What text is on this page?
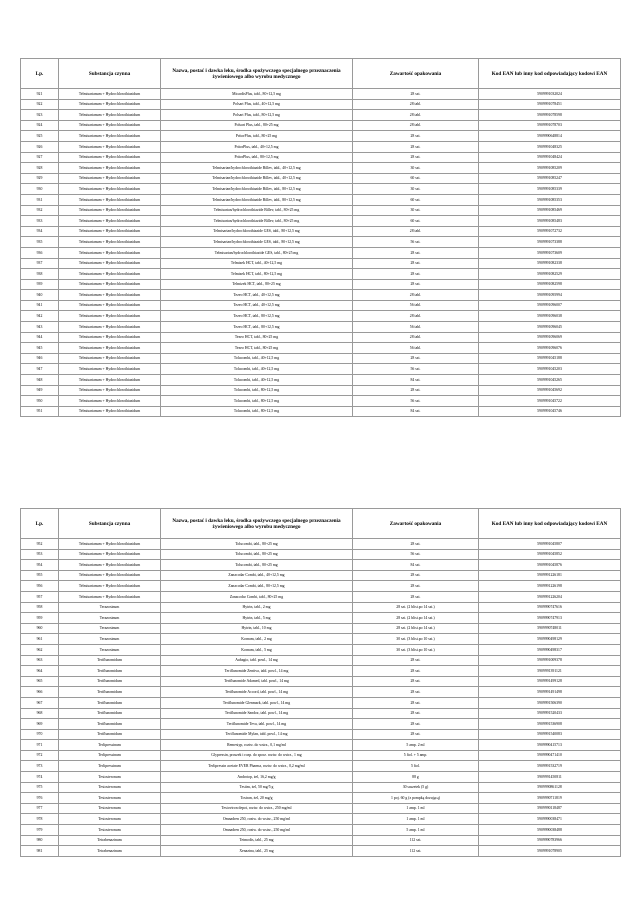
Lp.	Substancja czynna	Nazwa, postać i dawka leku, środka spożywczego specjalnego przeznaczenia żywieniowego albo wyrobu medycznego	Zawartość opakowania	Kod EAN lub inny kod odpowiadający kodowi EAN
921	Telmisartanum + Hydrochlorothiazidum	MicardisPlus, tabl., 80+12,5 mg	28 szt.	5909991032024
922	Telmisartanum + Hydrochlorothiazidum	Polsart Plus, tabl., 40+12,5 mg	28 tabl.	5909991078451
923	Telmisartanum + Hydrochlorothiazidum	Polsart Plus, tabl., 80+12,5 mg	28 tabl.	5909991078598
924	Telmisartanum + Hydrochlorothiazidum	Polsart Plus, tabl., 80+25 mg	28 tabl.	5909991078703
925	Telmisartanum + Hydrochlorothiazidum	PritorPlus, tabl., 80+25 mg	28 szt.	5909990648814
926	Telmisartanum + Hydrochlorothiazidum	PritorPlus, tabl., 40+12,5 mg	28 szt.	5909991048325
927	Telmisartanum + Hydrochlorothiazidum	PritorPlus, tabl., 80+12,5 mg	28 szt.	5909991048424
928	Telmisartanum + Hydrochlorothiazidum	Telmisartan/hydrochlorothiazide Billev, tabl., 40+12,5 mg	30 szt.	5909991085209
929	Telmisartanum + Hydrochlorothiazidum	Telmisartan/hydrochlorothiazide Billev, tabl., 40+12,5 mg	60 szt.	5909991085247
930	Telmisartanum + Hydrochlorothiazidum	Telmisartan/hydrochlorothiazide Billev, tabl., 80+12,5 mg	30 szt.	5909991085339
931	Telmisartanum + Hydrochlorothiazidum	Telmisartan/hydrochlorothiazide Billev, tabl., 80+12,5 mg	60 szt.	5909991085353
932	Telmisartanum + Hydrochlorothiazidum	Telmisartan/hydrochlorothiazide Billev, tabl., 80+25 mg	30 szt.	5909991085469
933	Telmisartanum + Hydrochlorothiazidum	Telmisartan/hydrochlorothiazide Billev, tabl., 80+25 mg	60 szt.	5909991085483
934	Telmisartanum + Hydrochlorothiazidum	Telmisartan/hydrochlorothiazide GES, tabl., 80+12,5 mg	28 tabl.	5909991072732
935	Telmisartanum + Hydrochlorothiazidum	Telmisartan/hydrochlorothiazide GES, tabl., 80+12,5 mg	56 szt.	5909991073388
936	Telmisartanum + Hydrochlorothiazidum	Telmisartan/hydrochlorothiazide GES, tabl., 80+25 mg	28 szt.	5909991073609
937	Telmisartanum + Hydrochlorothiazidum	Telmizek HCT, tabl., 40+12,5 mg	28 szt.	5909991082338
938	Telmisartanum + Hydrochlorothiazidum	Telmizek HCT, tabl., 80+12,5 mg	28 szt.	5909991082529
939	Telmisartanum + Hydrochlorothiazidum	Telmizek HCT, tabl., 80+25 mg	28 szt.	5909991082598
940	Telmisartanum + Hydrochlorothiazidum	Tezeo HCT, tabl., 40+12,5 mg	28 tabl.	5909991095994
941	Telmisartanum + Hydrochlorothiazidum	Tezeo HCT, tabl., 40+12,5 mg	56 tabl.	5909991096007
942	Telmisartanum + Hydrochlorothiazidum	Tezeo HCT, tabl., 80+12,5 mg	28 tabl.	5909991096038
943	Telmisartanum + Hydrochlorothiazidum	Tezeo HCT, tabl., 80+12,5 mg	56 tabl.	5909991096045
944	Telmisartanum + Hydrochlorothiazidum	Tezeo HCT, tabl., 80+25 mg	28 tabl.	5909991096069
945	Telmisartanum + Hydrochlorothiazidum	Tezeo HCT, tabl., 80+25 mg	56 tabl.	5909991096076
946	Telmisartanum + Hydrochlorothiazidum	Tolucombi, tabl., 40+12,5 mg	28 szt.	5909991045188
947	Telmisartanum + Hydrochlorothiazidum	Tolucombi, tabl., 40+12,5 mg	56 szt.	5909991045203
948	Telmisartanum + Hydrochlorothiazidum	Tolucombi, tabl., 40+12,5 mg	84 szt.	5909991045265
949	Telmisartanum + Hydrochlorothiazidum	Tolucombi, tabl., 80+12,5 mg	28 szt.	5909991045692
950	Telmisartanum + Hydrochlorothiazidum	Tolucombi, tabl., 80+12,5 mg	56 szt.	5909991045722
951	Telmisartanum + Hydrochlorothiazidum	Tolucombi, tabl., 80+12,5 mg	84 szt.	5909991045746
Lp.	Substancja czynna	Nazwa, postać i dawka leku, środka spożywczego specjalnego przeznaczenia żywieniowego albo wyrobu medycznego	Zawartość opakowania	Kod EAN lub inny kod odpowiadający kodowi EAN
952	Telmisartanum + Hydrochlorothiazidum	Tolucombi, tabl., 80+25 mg	28 szt.	5909991045807
953	Telmisartanum + Hydrochlorothiazidum	Tolucombi, tabl., 80+25 mg	56 szt.	5909991045852
954	Telmisartanum + Hydrochlorothiazidum	Tolucombi, tabl., 80+25 mg	84 szt.	5909991045876
955	Telmisartanum + Hydrochlorothiazidum	Zanacodar Combi, tabl., 40+12,5 mg	28 szt.	5909991226181
956	Telmisartanum + Hydrochlorothiazidum	Zanacodar Combi, tabl., 80+12,5 mg	28 szt.	5909991226198
957	Telmisartanum + Hydrochlorothiazidum	Zanacodar Combi, tabl., 80+25 mg	28 szt.	5909991226204
958	Terazosinum	Hytrin, tabl., 2 mg	28 szt. (2 blist.po 14 szt.)	5909990747616
959	Terazosinum	Hytrin, tabl., 5 mg	28 szt. (2 blist.po 14 szt.)	5909990747913
960	Terazosinum	Hytrin, tabl., 10 mg	28 szt. (2 blist.po 14 szt.)	5909990748011
961	Terazosinum	Kornam, tabl., 2 mg	30 szt. (3 blist.po 10 szt.)	5909990498129
962	Terazosinum	Kornam, tabl., 5 mg	30 szt. (3 blist.po 10 szt.)	5909990498317
963	Teriflunomidum	Aubagio, tabl. powl., 14 mg	28 szt.	5909991009378
964	Teriflunomidum	Teriflunomide Zentiva, tabl. powl., 14 mg	28 szt.	5909991391121
965	Teriflunomidum	Teriflunomide Adamed, tabl. powl., 14 mg	28 szt.	5909991499128
966	Teriflunomidum	Teriflunomide Accord, tabl. powl., 14 mg	28 szt.	5909991491498
967	Teriflunomidum	Teriflunomide Glenmark, tabl. powl., 14 mg	28 szt.	5909991506390
968	Teriflunomidum	Teriflunomide Sandoz, tabl. powl., 14 mg	28 szt.	5909991520433
969	Teriflunomidum	Teriflunomide Teva, tabl. powl., 14 mg	28 szt.	5909991536908
970	Teriflunomidum	Teriflunomide Mylan, tabl. powl., 14 mg	28 szt.	5909991540083
971	Terlipressinum	Remestyp, roztw. do wstrz., 0,1 mg/ml	5 amp. 2 ml	5909990415713
972	Terlipressinum	Glypressin, proszek i rozp. do sporz. roztw. do wstrz., 1 mg	5 fiol. + 5 amp.	5909990471410
973	Terlipressinum	Terlipressin acetate EVER Pharma, roztw. do wstrz., 0,2 mg/ml	5 fiol.	5909991532719
974	Testosteronum	Androtop, żel, 16,2 mg/g	88 g	5909991450811
975	Testosteronum	Testim, żel, 50 mg/5 g	30 saszetek (5 g)	5909990861128
976	Testosteronum	Tostran, żel, 20 mg/g	1 poj. 60 g (z pompką dozującą)	5909990711819
977	Testosteronum	Testoviron depot, roztw. do wstrz., 250 mg/ml	1 amp. 1 ml	5909990118487
978	Testosteronum	Omnadren 250, roztw. do wstrz., 250 mg/ml	1 amp. 1 ml	5909990038471
979	Testosteronum	Omnadren 250, roztw. do wstrz., 250 mg/ml	5 amp. 1 ml	5909990038488
980	Tetrabenazinum	Tetmodis, tabl., 25 mg	112 szt.	5909990783966
981	Tetrabenazinum	Xenazina, tabl., 25 mg	112 szt.	5909991078905
